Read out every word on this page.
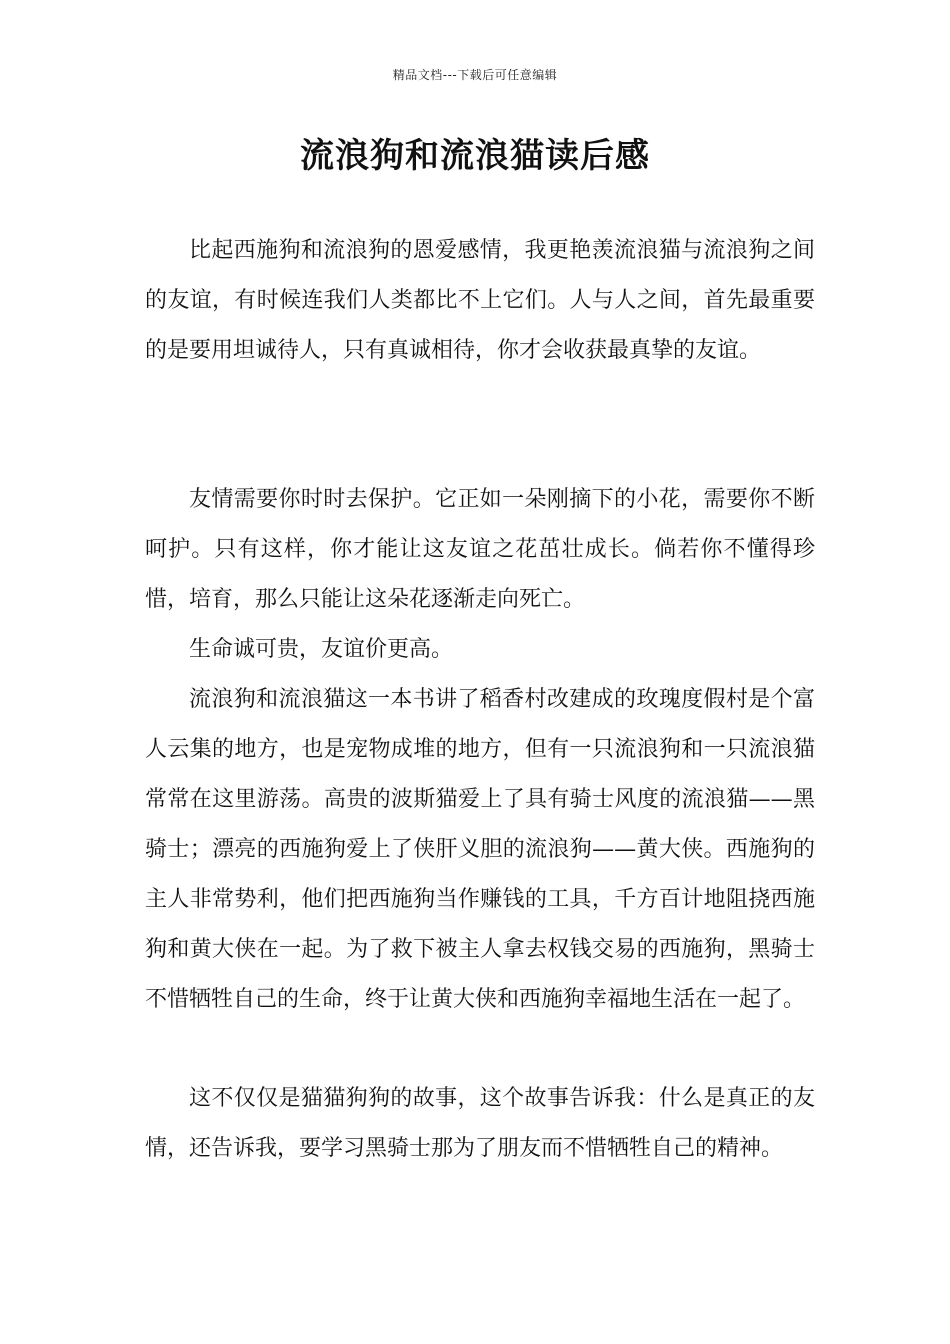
精品文档---下载后可任意编辑
流浪狗和流浪猫读后感

比起西施狗和流浪狗的恩爱感情，我更艳羡流浪猫与流浪狗之间的友谊，有时候连我们人类都比不上它们。人与人之间，首先最重要的是要用坦诚待人，只有真诚相待，你才会收获最真挚的友谊。

友情需要你时时去保护。它正如一朵刚摘下的小花，需要你不断呵护。只有这样，你才能让这友谊之花茁壮成长。倘若你不懂得珍惜，培育，那么只能让这朵花逐渐走向死亡。

生命诚可贵，友谊价更高。

流浪狗和流浪猫这一本书讲了稻香村改建成的玫瑰度假村是个富人云集的地方，也是宠物成堆的地方，但有一只流浪狗和一只流浪猫常常在这里游荡。高贵的波斯猫爱上了具有骑士风度的流浪猫——黑骑士；漂亮的西施狗爱上了侠肝义胆的流浪狗——黄大侠。西施狗的主人非常势利，他们把西施狗当作赚钱的工具，千方百计地阻挠西施狗和黄大侠在一起。为了救下被主人拿去权钱交易的西施狗，黑骑士不惜牺牲自己的生命，终于让黄大侠和西施狗幸福地生活在一起了。

这不仅仅是猫猫狗狗的故事，这个故事告诉我：什么是真正的友情，还告诉我，要学习黑骑士那为了朋友而不惜牺牲自己的精神。
